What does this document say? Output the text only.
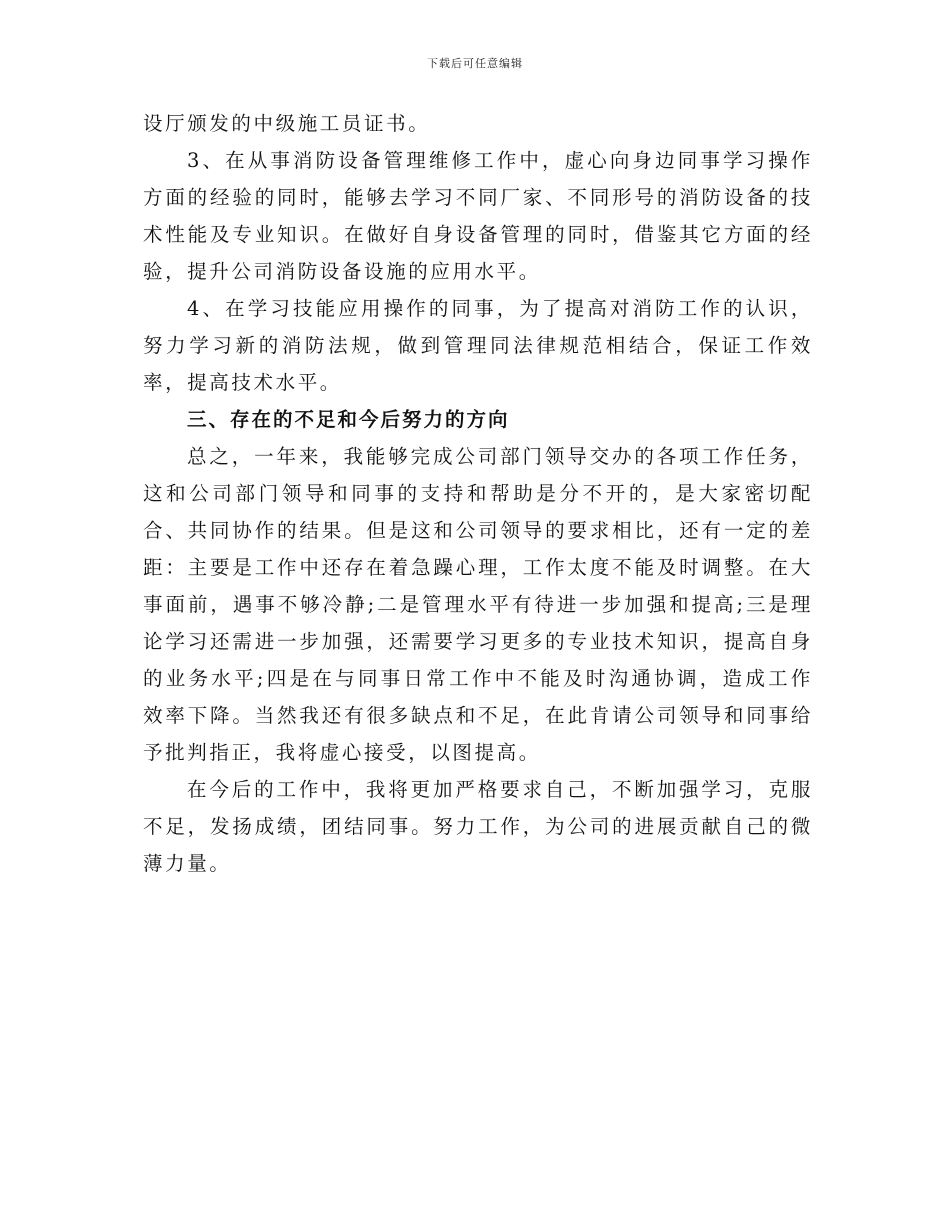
下载后可任意编辑

设厅颁发的中级施工员证书。

3、在从事消防设备管理维修工作中，虚心向身边同事学习操作方面的经验的同时，能够去学习不同厂家、不同形号的消防设备的技术性能及专业知识。在做好自身设备管理的同时，借鉴其它方面的经验，提升公司消防设备设施的应用水平。

4、在学习技能应用操作的同事，为了提高对消防工作的认识，努力学习新的消防法规，做到管理同法律规范相结合，保证工作效率，提高技术水平。

三、存在的不足和今后努力的方向

总之，一年来，我能够完成公司部门领导交办的各项工作任务，这和公司部门领导和同事的支持和帮助是分不开的，是大家密切配合、共同协作的结果。但是这和公司领导的要求相比，还有一定的差距：主要是工作中还存在着急躁心理，工作太度不能及时调整。在大事面前，遇事不够冷静;二是管理水平有待进一步加强和提高;三是理论学习还需进一步加强，还需要学习更多的专业技术知识，提高自身的业务水平;四是在与同事日常工作中不能及时沟通协调，造成工作效率下降。当然我还有很多缺点和不足，在此肯请公司领导和同事给予批判指正，我将虚心接受，以图提高。

在今后的工作中，我将更加严格要求自己，不断加强学习，克服不足，发扬成绩，团结同事。努力工作，为公司的进展贡献自己的微薄力量。
